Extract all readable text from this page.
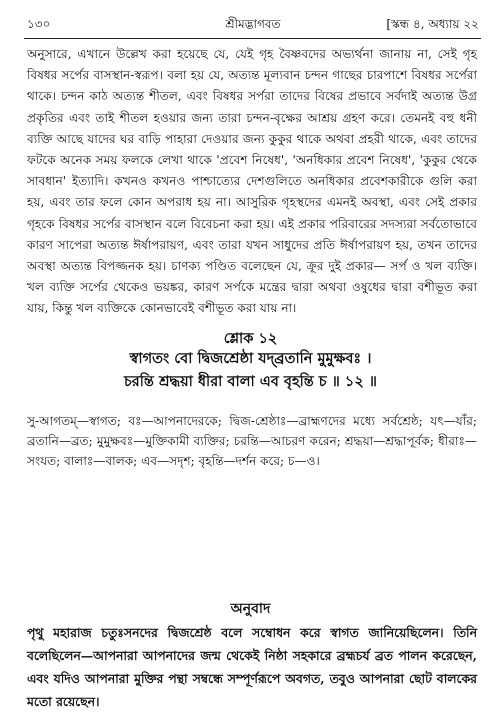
১৩০	শ্রীমদ্ভাগবত	[স্কন্ধ ৪, অধ্যায় ২২

অনুসারে, এখানে উল্লেখ করা হয়েছে যে, যেই গৃহ বৈষ্ণবদের অভ্যর্থনা জানায় না, সেই গৃহ বিষধর সর্পের বাসস্থান-স্বরূপ। বলা হয় যে, অত্যন্ত মূল্যবান চন্দন গাছের চারপাশে বিষধর সর্পেরা থাকে। চন্দন কাঠ অত্যন্ত শীতল, এবং বিষধর সর্পরা তাদের বিষের প্রভাবে সর্বদাই অত্যন্ত উগ্র প্রকৃতির এবং তাই শীতল হওয়ার জন্য তারা চন্দন-বৃক্ষের আশ্রয় গ্রহণ করে। তেমনই বহু ধনী ব্যক্তি আছে যাদের ঘর বাড়ি পাহারা দেওয়ার জন্য কুকুর থাকে অথবা প্রহরী থাকে, এবং তাদের ফটকে অনেক সময় ফলকে লেখা থাকে 'প্রবেশ নিষেধ', 'অনধিকার প্রবেশ নিষেধ', 'কুকুর থেকে সাবধান' ইত্যাদি। কখনও কখনও পাশ্চাত্যের দেশগুলিতে অনধিকার প্রবেশকারীকে গুলি করা হয়, এবং তার ফলে কোন অপরাধ হয় না। আসুরিক গৃহস্থদের এমনই অবস্থা, এবং সেই প্রকার গৃহকে বিষধর সর্পের বাসস্থান বলে বিবেচনা করা হয়। এই প্রকার পরিবারের সদস্যরা সর্বতোভাবে কারণ সাপেরা অত্যন্ত ঈর্ষাপরায়ণ, এবং তারা যখন সাধুদের প্রতি ঈর্ষাপরায়ণ হয়, তখন তাদের অবস্থা অত্যন্ত বিপজ্জনক হয়। চাণক্য পণ্ডিত বলেছেন যে, ক্রূর দুই প্রকার— সর্প ও খল ব্যক্তি। খল ব্যক্তি সর্পের থেকেও ভয়ঙ্কর, কারণ সর্পকে মন্ত্রের দ্বারা অথবা ওষুধের দ্বারা বশীভূত করা যায়, কিন্তু খল ব্যক্তিকে কোনভাবেই বশীভূত করা যায় না।

শ্লোক ১২
স্বাগতং বো দ্বিজশ্রেষ্ঠা যদ্‌ব্রতানি মুমুক্ষবঃ ।
চরন্তি শ্রদ্ধয়া ধীরা বালা এব বৃহন্তি চ ॥ ১২ ॥

সু-আগতম্‌—স্বাগত; বঃ—আপনাদেরকে; দ্বিজ-শ্রেষ্ঠাঃ—ব্রাহ্মণদের মধ্যে সর্বশ্রেষ্ঠ; যৎ—যাঁর; ব্রতানি—ব্রত; মুমুক্ষবঃ—মুক্তিকামী ব্যক্তির; চরন্তি—আচরণ করেন; শ্রদ্ধয়া—শ্রদ্ধাপূর্বক; ধীরাঃ—সংযত; বালাঃ—বালক; এব—সদৃশ; বৃহন্তি—দর্শন করে; চ—ও।

অনুবাদ

পৃথু মহারাজ চতুঃসনদের দ্বিজশ্রেষ্ঠ বলে সম্বোধন করে স্বাগত জানিয়েছিলেন। তিনি বলেছিলেন—আপনারা আপনাদের জন্ম থেকেই নিষ্ঠা সহকারে ব্রহ্মচর্য ব্রত পালন করেছেন, এবং যদিও আপনারা মুক্তির পন্থা সম্বন্ধে সম্পূর্ণরূপে অবগত, তবুও আপনারা ছোট বালকের মতো রয়েছেন।
